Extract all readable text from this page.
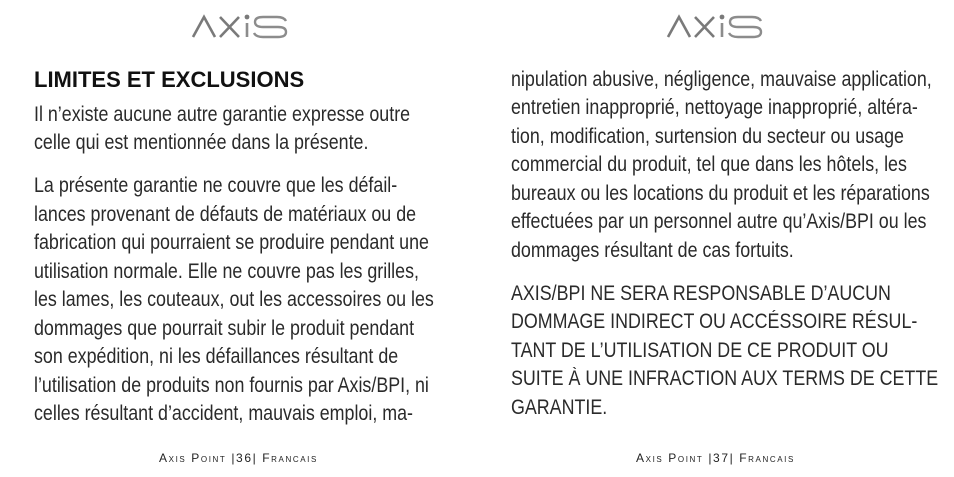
LIMITES ET EXCLUSIONS
Il n’existe aucune autre garantie expresse outre
celle qui est mentionnée dans la présente.
La présente garantie ne couvre que les défail-
lances provenant de défauts de matériaux ou de
fabrication qui pourraient se produire pendant une
utilisation normale. Elle ne couvre pas les grilles,
les lames, les couteaux, out les accessoires ou les
dommages que pourrait subir le produit pendant
son expédition, ni les défaillances résultant de
l’utilisation de produits non fournis par Axis/BPI, ni
celles résultant d’accident, mauvais emploi, ma-
Axis Point |36| Francais
nipulation abusive, négligence, mauvaise application,
entretien inapproprié, nettoyage inapproprié, altéra-
tion, modification, surtension du secteur ou usage
commercial du produit, tel que dans les hôtels, les
bureaux ou les locations du produit et les réparations
effectuées par un personnel autre qu’Axis/BPI ou les
dommages résultant de cas fortuits.
AXIS/BPI NE SERA RESPONSABLE D’AUCUN
DOMMAGE INDIRECT OU ACCÉSSOIRE RÉSUL-
TANT DE L’UTILISATION DE CE PRODUIT OU
SUITE À UNE INFRACTION AUX TERMS DE CETTE
GARANTIE.
Axis Point |37| Francais
